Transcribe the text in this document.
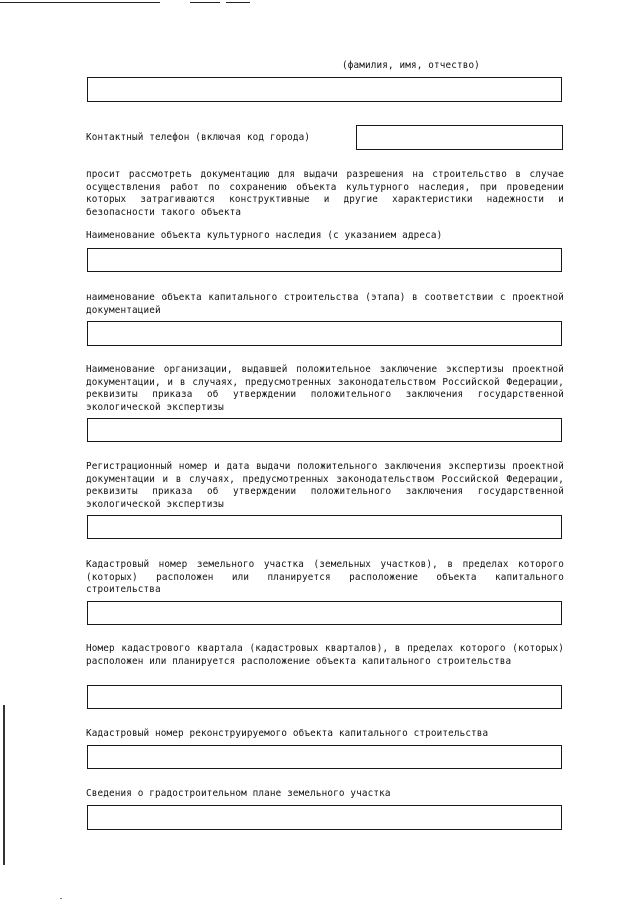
(фамилия, имя, отчество)
Контактный телефон (включая код города)
просит рассмотреть документацию для выдачи разрешения на строительство в случае осуществления работ по сохранению объекта культурного наследия, при проведении которых затрагиваются конструктивные и другие характеристики надежности и безопасности такого объекта
Наименование объекта культурного наследия (с указанием адреса)
наименование объекта капитального строительства (этапа) в соответствии с проектной документацией
Наименование организации, выдавшей положительное заключение экспертизы проектной документации, и в случаях, предусмотренных законодательством Российской Федерации, реквизиты приказа об утверждении положительного заключения государственной экологической экспертизы
Регистрационный номер и дата выдачи положительного заключения экспертизы проектной документации и в случаях, предусмотренных законодательством Российской Федерации, реквизиты приказа об утверждении положительного заключения государственной экологической экспертизы
Кадастровый номер земельного участка (земельных участков), в пределах которого (которых) расположен или планируется расположение объекта капитального строительства
Номер кадастрового квартала (кадастровых кварталов), в пределах которого (которых) расположен или планируется расположение объекта капитального строительства
Кадастровый номер реконструируемого объекта капитального строительства
Сведения о градостроительном плане земельного участка
